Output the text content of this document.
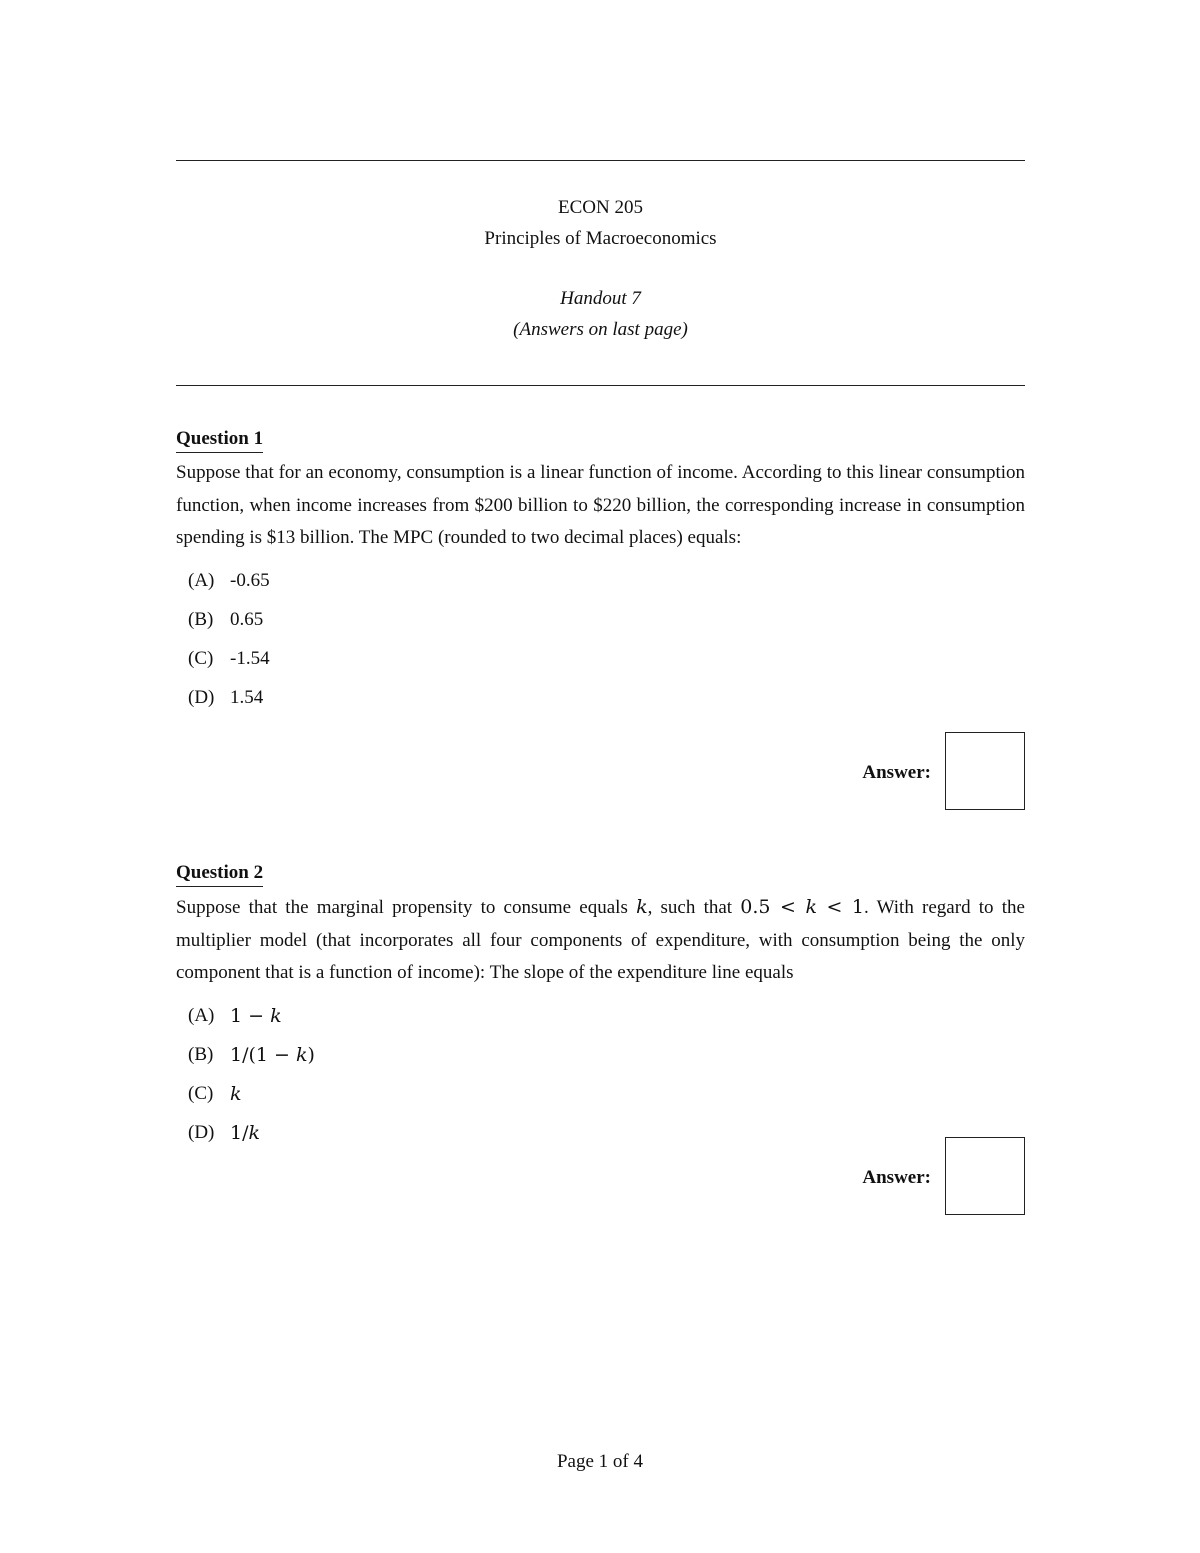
ECON 205
Principles of Macroeconomics
Handout 7
(Answers on last page)
Question 1

Suppose that for an economy, consumption is a linear function of income. According to this linear consumption function, when income increases from $200 billion to $220 billion, the corresponding increase in consumption spending is $13 billion. The MPC (rounded to two decimal places) equals:

(A) -0.65
(B) 0.65
(C) -1.54
(D) 1.54
Answer:
Question 2

Suppose that the marginal propensity to consume equals k, such that 0.5 < k < 1. With regard to the multiplier model (that incorporates all four components of expenditure, with consumption being the only component that is a function of income): The slope of the expenditure line equals

(A) 1 − k
(B) 1/(1 − k)
(C) k
(D) 1/k
Answer:
Page 1 of 4
